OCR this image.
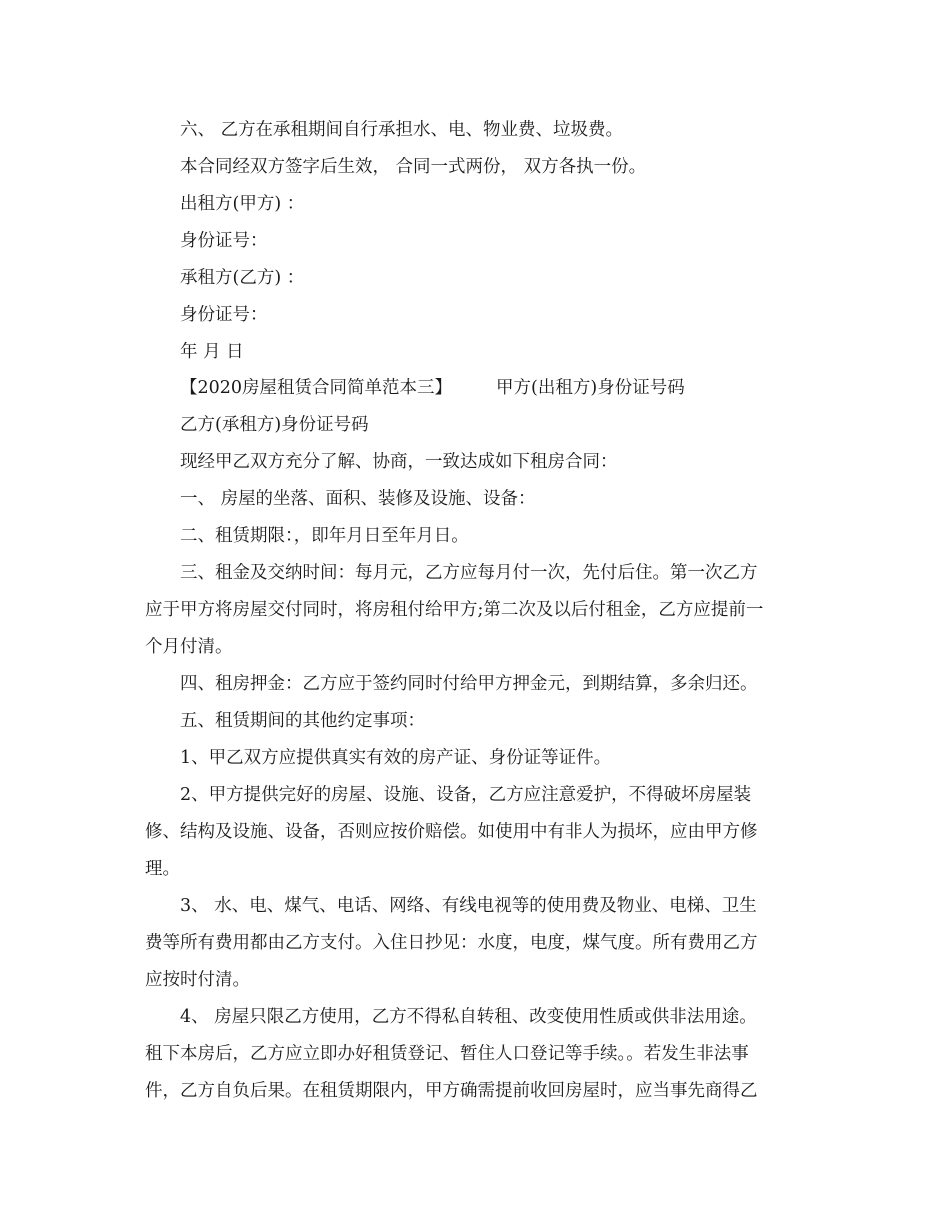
六、 乙方在承租期间自行承担水、电、物业费、垃圾费。
本合同经双方签字后生效， 合同一式两份， 双方各执一份。
出租方(甲方) ：
身份证号：
承租方(乙方) ：
身份证号：
年 月 日
【2020房屋租赁合同简单范本三】	甲方(出租方)身份证号码
乙方(承租方)身份证号码
现经甲乙双方充分了解、协商，一致达成如下租房合同：
一、 房屋的坐落、面积、装修及设施、设备：
二、租赁期限：，即年月日至年月日。
三、租金及交纳时间：每月元，乙方应每月付一次，先付后住。第一次乙方
应于甲方将房屋交付同时，将房租付给甲方;第二次及以后付租金，乙方应提前一
个月付清。
四、租房押金：乙方应于签约同时付给甲方押金元，到期结算，多余归还。
五、租赁期间的其他约定事项：
1、甲乙双方应提供真实有效的房产证、身份证等证件。
2、甲方提供完好的房屋、设施、设备，乙方应注意爱护，不得破坏房屋装
修、结构及设施、设备，否则应按价赔偿。如使用中有非人为损坏，应由甲方修
理。
3、 水、电、煤气、电话、网络、有线电视等的使用费及物业、电梯、卫生
费等所有费用都由乙方支付。入住日抄见：水度，电度，煤气度。所有费用乙方
应按时付清。
4、 房屋只限乙方使用，乙方不得私自转租、改变使用性质或供非法用途。
租下本房后，乙方应立即办好租赁登记、暂住人口登记等手续。。若发生非法事
件，乙方自负后果。在租赁期限内，甲方确需提前收回房屋时，应当事先商得乙
